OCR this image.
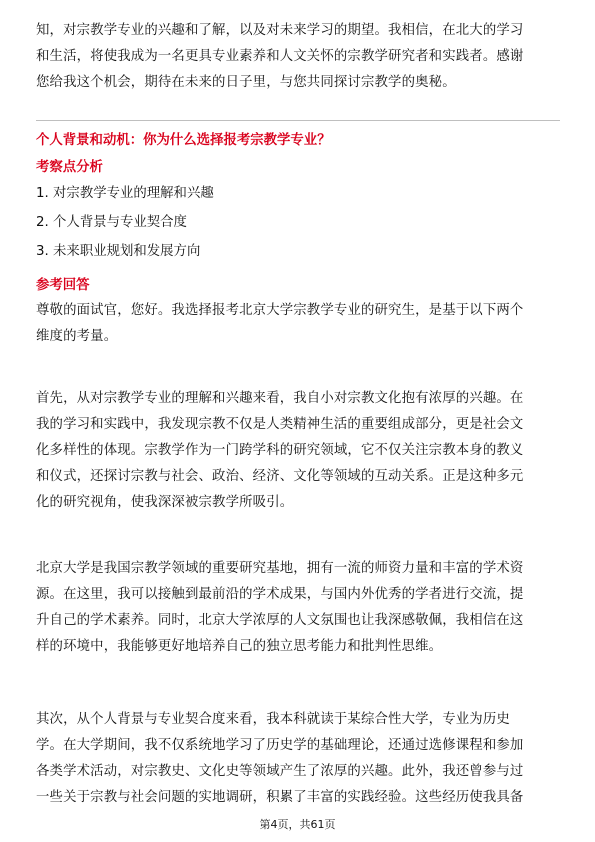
知，对宗教学专业的兴趣和了解，以及对未来学习的期望。我相信，在北大的学习
和生活，将使我成为一名更具专业素养和人文关怀的宗教学研究者和实践者。感谢
您给我这个机会，期待在未来的日子里，与您共同探讨宗教学的奥秘。

个人背景和动机：你为什么选择报考宗教学专业？

考察点分析

1. 对宗教学专业的理解和兴趣

2. 个人背景与专业契合度

3. 未来职业规划和发展方向

参考回答

尊敬的面试官，您好。我选择报考北京大学宗教学专业的研究生，是基于以下两个
维度的考量。

首先，从对宗教学专业的理解和兴趣来看，我自小对宗教文化抱有浓厚的兴趣。在
我的学习和实践中，我发现宗教不仅是人类精神生活的重要组成部分，更是社会文
化多样性的体现。宗教学作为一门跨学科的研究领域，它不仅关注宗教本身的教义
和仪式，还探讨宗教与社会、政治、经济、文化等领域的互动关系。正是这种多元
化的研究视角，使我深深被宗教学所吸引。

北京大学是我国宗教学领域的重要研究基地，拥有一流的师资力量和丰富的学术资
源。在这里，我可以接触到最前沿的学术成果，与国内外优秀的学者进行交流，提
升自己的学术素养。同时，北京大学浓厚的人文氛围也让我深感敬佩，我相信在这
样的环境中，我能够更好地培养自己的独立思考能力和批判性思维。

其次，从个人背景与专业契合度来看，我本科就读于某综合性大学，专业为历史
学。在大学期间，我不仅系统地学习了历史学的基础理论，还通过选修课程和参加
各类学术活动，对宗教史、文化史等领域产生了浓厚的兴趣。此外，我还曾参与过
一些关于宗教与社会问题的实地调研，积累了丰富的实践经验。这些经历使我具备

第4页，共61页
